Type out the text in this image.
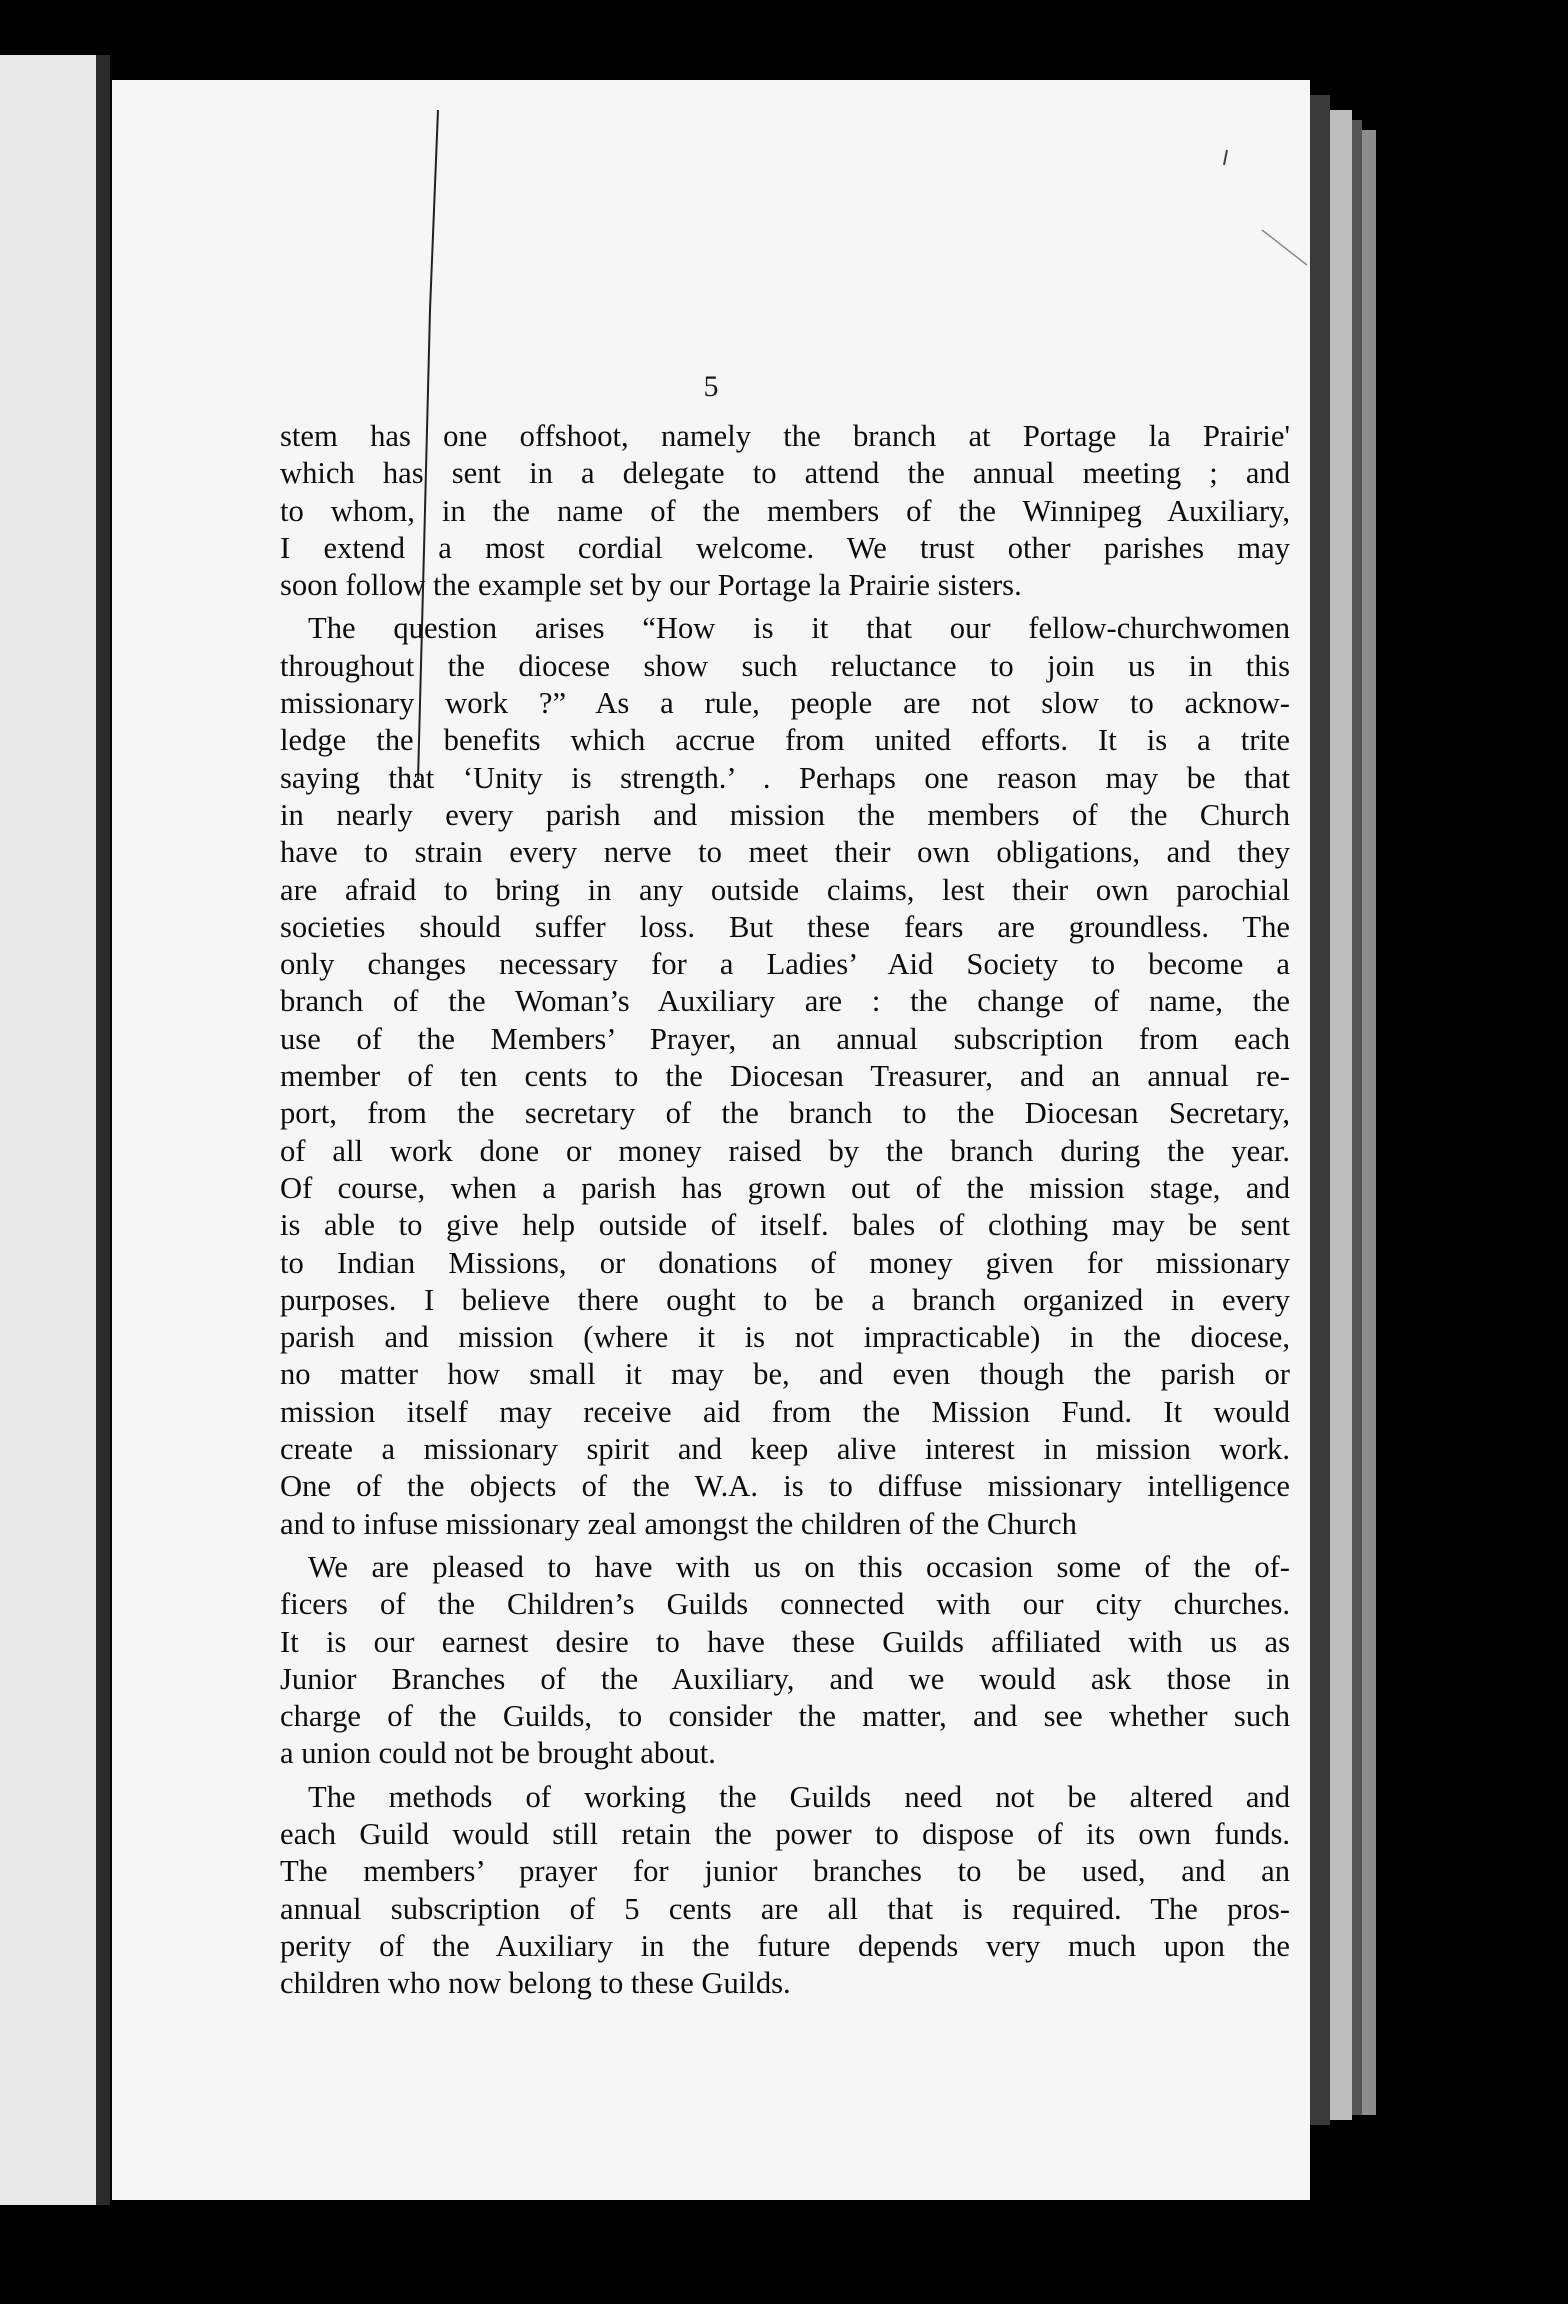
5
stem has one offshoot, namely the branch at Portage la Prairie'
which has sent in a delegate to attend the annual meeting ; and
to whom, in the name of the members of the Winnipeg Auxiliary,
I extend a most cordial welcome. We trust other parishes may
soon follow the example set by our Portage la Prairie sisters.
The question arises “How is it that our fellow-churchwomen
throughout the diocese show such reluctance to join us in this
missionary work ?” As a rule, people are not slow to acknow-
ledge the benefits which accrue from united efforts. It is a trite
saying that ‘Unity is strength.’ . Perhaps one reason may be that
in nearly every parish and mission the members of the Church
have to strain every nerve to meet their own obligations, and they
are afraid to bring in any outside claims, lest their own parochial
societies should suffer loss. But these fears are groundless. The
only changes necessary for a Ladies’ Aid Society to become a
branch of the Woman’s Auxiliary are : the change of name, the
use of the Members’ Prayer, an annual subscription from each
member of ten cents to the Diocesan Treasurer, and an annual re-
port, from the secretary of the branch to the Diocesan Secretary,
of all work done or money raised by the branch during the year.
Of course, when a parish has grown out of the mission stage, and
is able to give help outside of itself. bales of clothing may be sent
to Indian Missions, or donations of money given for missionary
purposes. I believe there ought to be a branch organized in every
parish and mission (where it is not impracticable) in the diocese,
no matter how small it may be, and even though the parish or
mission itself may receive aid from the Mission Fund. It would
create a missionary spirit and keep alive interest in mission work.
One of the objects of the W.A. is to diffuse missionary intelligence
and to infuse missionary zeal amongst the children of the Church
We are pleased to have with us on this occasion some of the of-
ficers of the Children’s Guilds connected with our city churches.
It is our earnest desire to have these Guilds affiliated with us as
Junior Branches of the Auxiliary, and we would ask those in
charge of the Guilds, to consider the matter, and see whether such
a union could not be brought about.
The methods of working the Guilds need not be altered and
each Guild would still retain the power to dispose of its own funds.
The members’ prayer for junior branches to be used, and an
annual subscription of 5 cents are all that is required. The pros-
perity of the Auxiliary in the future depends very much upon the
children who now belong to these Guilds.
